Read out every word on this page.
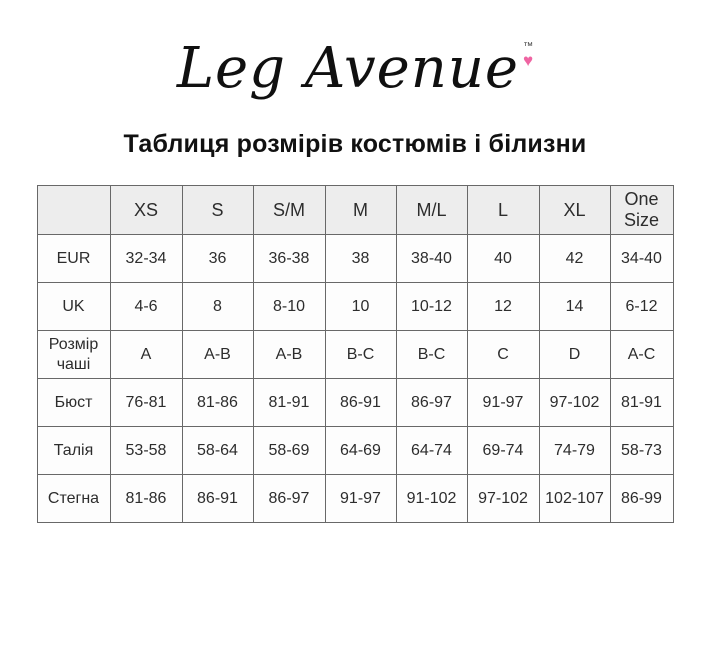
Leg Avenue ™
♥
Таблиця розмірів костюмів і білизни
	XS	S	S/M	M	M/L	L	XL	One Size
EUR	32-34	36	36-38	38	38-40	40	42	34-40
UK	4-6	8	8-10	10	10-12	12	14	6-12
Розмір чаші	A	A-B	A-B	B-C	B-C	C	D	A-C
Бюст	76-81	81-86	81-91	86-91	86-97	91-97	97-102	81-91
Талія	53-58	58-64	58-69	64-69	64-74	69-74	74-79	58-73
Стегна	81-86	86-91	86-97	91-97	91-102	97-102	102-107	86-99
